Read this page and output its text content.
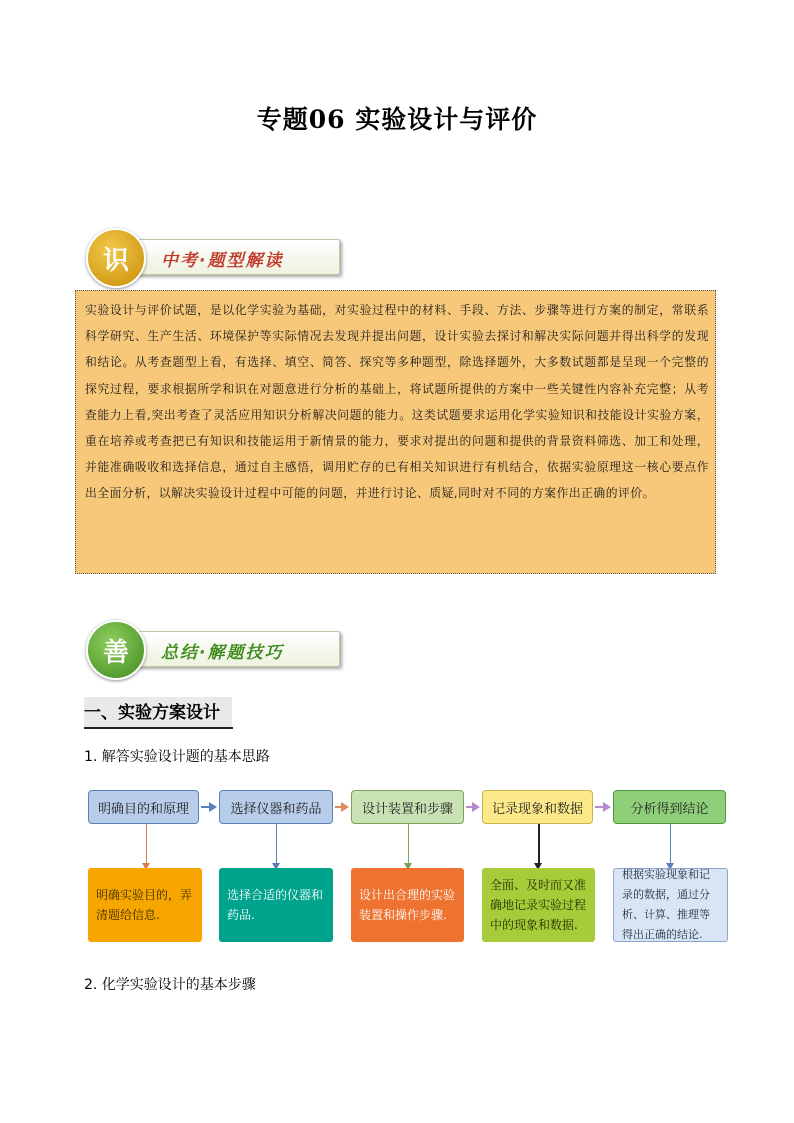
专题06 实验设计与评价
中考·题型解读
识
实验设计与评价试题，是以化学实验为基础，对实验过程中的材料、手段、方法、步骤等进行方案的制定，常联系科学研究、生产生活、环境保护等实际情况去发现并提出问题，设计实验去探讨和解决实际问题并得出科学的发现和结论。从考查题型上看，有选择、填空、简答、探究等多种题型，除选择题外，大多数试题都是呈现一个完整的探究过程，要求根据所学和识在对题意进行分析的基础上，将试题所提供的方案中一些关键性内容补充完整；从考查能力上看,突出考查了灵活应用知识分析解决问题的能力。这类试题要求运用化学实验知识和技能设计实验方案，重在培养或考查把已有知识和技能运用于新情景的能力，要求对提出的问题和提供的背景资料筛选、加工和处理，并能准确吸收和选择信息，通过自主感悟，调用贮存的已有相关知识进行有机结合，依据实验原理这一核心要点作出全面分析，以解决实验设计过程中可能的问题，并进行讨论、质疑,同时对不同的方案作出正确的评价。
总结·解题技巧
善
一、实验方案设计
1. 解答实验设计题的基本思路
明确目的和原理	选择仪器和药品	设计装置和步骤	记录现象和数据	分析得到结论
明确实验目的，弄清题给信息.
选择合适的仪器和药品.
设计出合理的实验装置和操作步骤.
全面、及时而又准确地记录实验过程中的现象和数据.
根据实验现象和记录的数据，通过分析、计算、推理等得出正确的结论.
2. 化学实验设计的基本步骤
